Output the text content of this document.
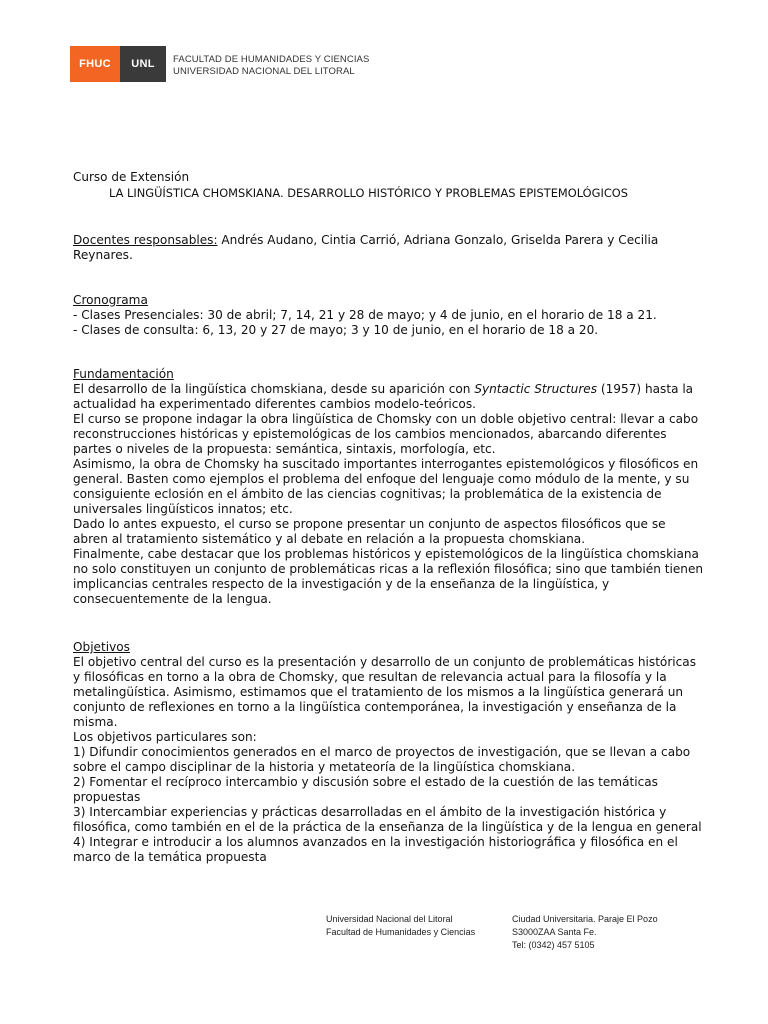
FHUC	UNL	FACULTAD DE HUMANIDADES Y CIENCIAS
UNIVERSIDAD NACIONAL DEL LITORAL
Curso de Extensión
LA LINGÜÍSTICA CHOMSKIANA. DESARROLLO HISTÓRICO Y PROBLEMAS EPISTEMOLÓGICOS
Docentes responsables: Andrés Audano, Cintia Carrió, Adriana Gonzalo, Griselda Parera y Cecilia
Reynares.
Cronograma
- Clases Presenciales: 30 de abril; 7, 14, 21 y 28 de mayo; y 4 de junio, en el horario de 18 a 21.
- Clases de consulta: 6, 13, 20 y 27 de mayo; 3 y 10 de junio, en el horario de 18 a 20.
Fundamentación
El desarrollo de la lingüística chomskiana, desde su aparición con Syntactic Structures (1957) hasta la
actualidad ha experimentado diferentes cambios modelo-teóricos.
El curso se propone indagar la obra lingüística de Chomsky con un doble objetivo central: llevar a cabo
reconstrucciones históricas y epistemológicas de los cambios mencionados, abarcando diferentes
partes o niveles de la propuesta: semántica, sintaxis, morfología, etc.
Asimismo, la obra de Chomsky ha suscitado importantes interrogantes epistemológicos y filosóficos en
general. Basten como ejemplos el problema del enfoque del lenguaje como módulo de la mente, y su
consiguiente eclosión en el ámbito de las ciencias cognitivas; la problemática de la existencia de
universales lingüísticos innatos; etc.
Dado lo antes expuesto, el curso se propone presentar un conjunto de aspectos filosóficos que se
abren al tratamiento sistemático y al debate en relación a la propuesta chomskiana.
Finalmente, cabe destacar que los problemas históricos y epistemológicos de la lingüística chomskiana
no solo constituyen un conjunto de problemáticas ricas a la reflexión filosófica; sino que también tienen
implicancias centrales respecto de la investigación y de la enseñanza de la lingüística, y
consecuentemente de la lengua.
Objetivos
El objetivo central del curso es la presentación y desarrollo de un conjunto de problemáticas históricas
y filosóficas en torno a la obra de Chomsky, que resultan de relevancia actual para la filosofía y la
metalingüística. Asimismo, estimamos que el tratamiento de los mismos a la lingüística generará un
conjunto de reflexiones en torno a la lingüística contemporánea, la investigación y enseñanza de la
misma.
Los objetivos particulares son:
1) Difundir conocimientos generados en el marco de proyectos de investigación, que se llevan a cabo
sobre el campo disciplinar de la historia y metateoría de la lingüística chomskiana.
2) Fomentar el recíproco intercambio y discusión sobre el estado de la cuestión de las temáticas
propuestas
3) Intercambiar experiencias y prácticas desarrolladas en el ámbito de la investigación histórica y
filosófica, como también en el de la práctica de la enseñanza de la lingüística y de la lengua en general
4) Integrar e introducir a los alumnos avanzados en la investigación historiográfica y filosófica en el
marco de la temática propuesta
Universidad Nacional del Litoral
Facultad de Humanidades y Ciencias
Ciudad Universitaria. Paraje El Pozo
S3000ZAA Santa Fe.
Tel: (0342) 457 5105
